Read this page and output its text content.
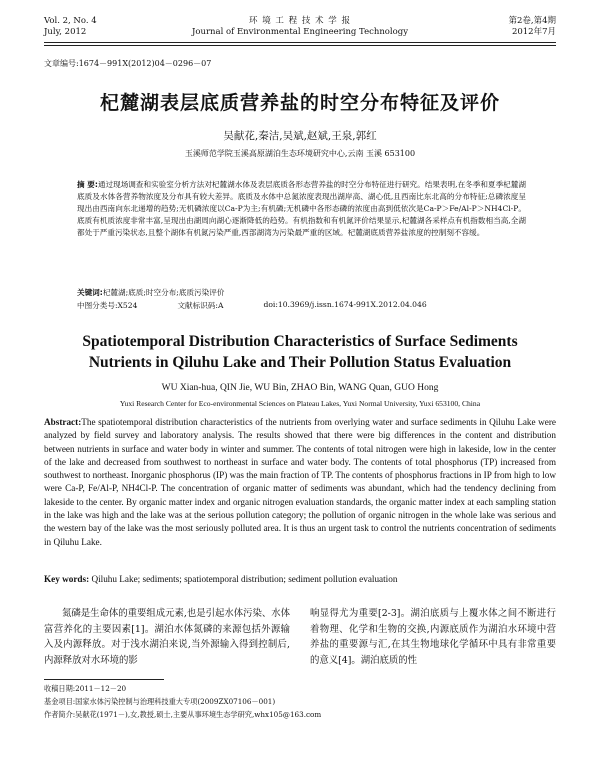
Vol. 2, No. 4
July, 2012
环 境 工 程 技 术 学 报
Journal of Environmental Engineering Technology
第2卷,第4期
2012年7月
文章编号:1674－991X(2012)04－0296－07
杞麓湖表层底质营养盐的时空分布特征及评价
吴献花,秦洁,吴斌,赵斌,王泉,郭红
玉溪师范学院玉溪高原湖泊生态环境研究中心,云南 玉溪 653100
摘 要:通过现场调查和实验室分析方法对杞麓湖水体及表层底质各形态营养盐的时空分布特征进行研究。结果表明,在冬季和夏季杞麓湖底质及水体各营养物浓度及分布具有较大差异。底质及水体中总氮浓度表现出湖岸高、湖心低,且西南比东北高的分布特征;总磷浓度呈现出由西南向东北递增的趋势;无机磷浓度以Ca-P为主;有机磷;无机磷中各形态磷的浓度由高到低依次是Ca-P＞Fe/Al-P＞NH4Cl-P。底质有机质浓度非常丰富,呈现出由湖周向湖心逐渐降低的趋势。有机指数和有机氮评价结果显示,杞麓湖各采样点有机指数相当高,全湖都处于严重污染状态,且整个湖体有机氮污染严重,西部湖湾为污染最严重的区域。杞麓湖底质营养盐浓度的控制刻不容缓。
关键词:杞麓湖;底质;时空分布;底质污染评价
中图分类号:X524	文献标识码:A	doi:10.3969/j.issn.1674-991X.2012.04.046
Spatiotemporal Distribution Characteristics of Surface Sediments
Nutrients in Qiluhu Lake and Their Pollution Status Evaluation
WU Xian-hua, QIN Jie, WU Bin, ZHAO Bin, WANG Quan, GUO Hong
Yuxi Research Center for Eco-environmental Sciences on Plateau Lakes, Yuxi Normal University, Yuxi 653100, China
Abstract:The spatiotemporal distribution characteristics of the nutrients from overlying water and surface sediments in Qiluhu Lake were analyzed by field survey and laboratory analysis. The results showed that there were big differences in the content and distribution between nutrients in surface and water body in winter and summer. The contents of total nitrogen were high in lakeside, low in the center of the lake and decreased from southwest to northeast in surface and water body. The contents of total phosphorus (TP) increased from southwest to northeast. Inorganic phosphorus (IP) was the main fraction of TP. The contents of phosphorus fractions in IP from high to low were Ca-P, Fe/Al-P, NH4Cl-P. The concentration of organic matter of sediments was abundant, which had the tendency declining from lakeside to the center. By organic matter index and organic nitrogen evaluation standards, the organic matter index at each sampling station in the lake was high and the lake was at the serious pollution category; the pollution of organic nitrogen in the whole lake was serious and the western bay of the lake was the most seriously polluted area. It is thus an urgent task to control the nutrients concentration of sediments in Qiluhu Lake.
Key words: Qiluhu Lake; sediments; spatiotemporal distribution; sediment pollution evaluation
氮磷是生命体的重要组成元素,也是引起水体污染、水体富营养化的主要因素[1]。湖泊水体氮磷的来源包括外源输入及内源释放。对于浅水湖泊来说,当外源输入得到控制后,内源释放对水环境的影
响显得尤为重要[2-3]。湖泊底质与上覆水体之间不断进行着物理、化学和生物的交换,内源底质作为湖泊水环境中营养盐的重要源与汇,在其生物地球化学循环中具有非常重要的意义[4]。湖泊底质的性
收稿日期:2011－12－20
基金项目:国家水体污染控制与治理科技重大专项(2009ZX07106－001)
作者简介:吴献花(1971－),女,教授,硕士,主要从事环境生态学研究,whx105@163.com
